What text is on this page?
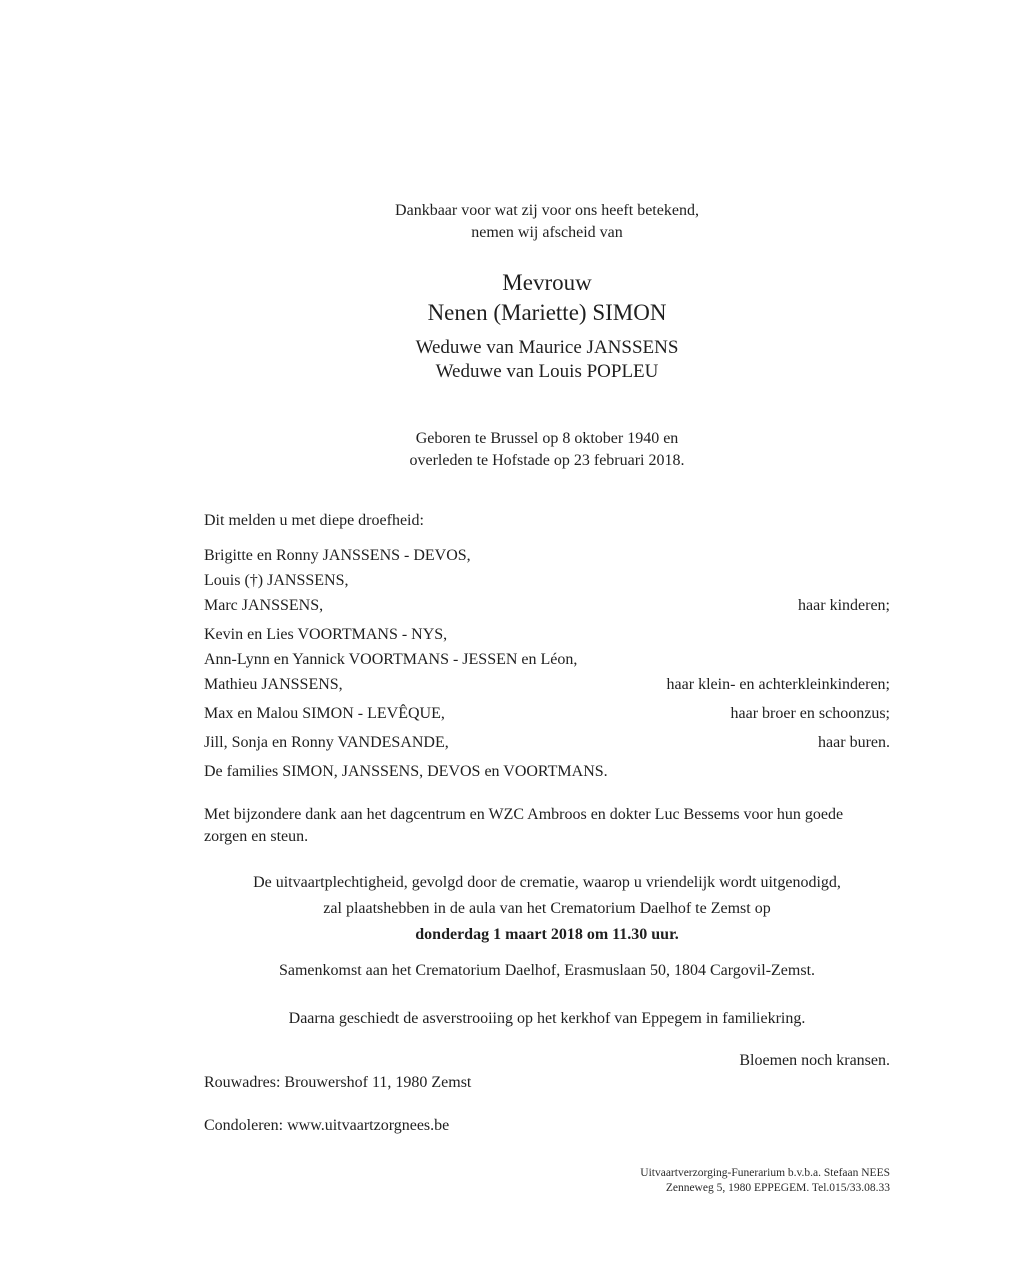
Dankbaar voor wat zij voor ons heeft betekend,
nemen wij afscheid van
Mevrouw
Nenen (Mariette) SIMON
Weduwe van Maurice JANSSENS
Weduwe van Louis POPLEU
Geboren te Brussel op 8 oktober 1940 en
overleden te Hofstade op 23 februari 2018.
Dit melden u met diepe droefheid:
Brigitte en Ronny JANSSENS - DEVOS,
Louis (†) JANSSENS,
Marc JANSSENS,	haar kinderen;
Kevin en Lies VOORTMANS - NYS,
Ann-Lynn en Yannick VOORTMANS - JESSEN en Léon,
Mathieu JANSSENS,	haar klein- en achterkleinkinderen;
Max en Malou SIMON - LEVÊQUE,	haar broer en schoonzus;
Jill, Sonja en Ronny VANDESANDE,	haar buren.
De families SIMON, JANSSENS, DEVOS en VOORTMANS.
Met bijzondere dank aan het dagcentrum en WZC Ambroos en dokter Luc Bessems voor hun goede zorgen en steun.
De uitvaartplechtigheid, gevolgd door de crematie, waarop u vriendelijk wordt uitgenodigd,
zal plaatshebben in de aula van het Crematorium Daelhof te Zemst op
donderdag 1 maart 2018 om 11.30 uur.
Samenkomst aan het Crematorium Daelhof, Erasmuslaan 50, 1804 Cargovil-Zemst.
Daarna geschiedt de asverstrooiing op het kerkhof van Eppegem in familiekring.
Bloemen noch kransen.
Rouwadres: Brouwershof 11, 1980 Zemst
Condoleren: www.uitvaartzorgnees.be
Uitvaartverzorging-Funerarium b.v.b.a. Stefaan NEES
Zenneweg 5, 1980 EPPEGEM. Tel.015/33.08.33
